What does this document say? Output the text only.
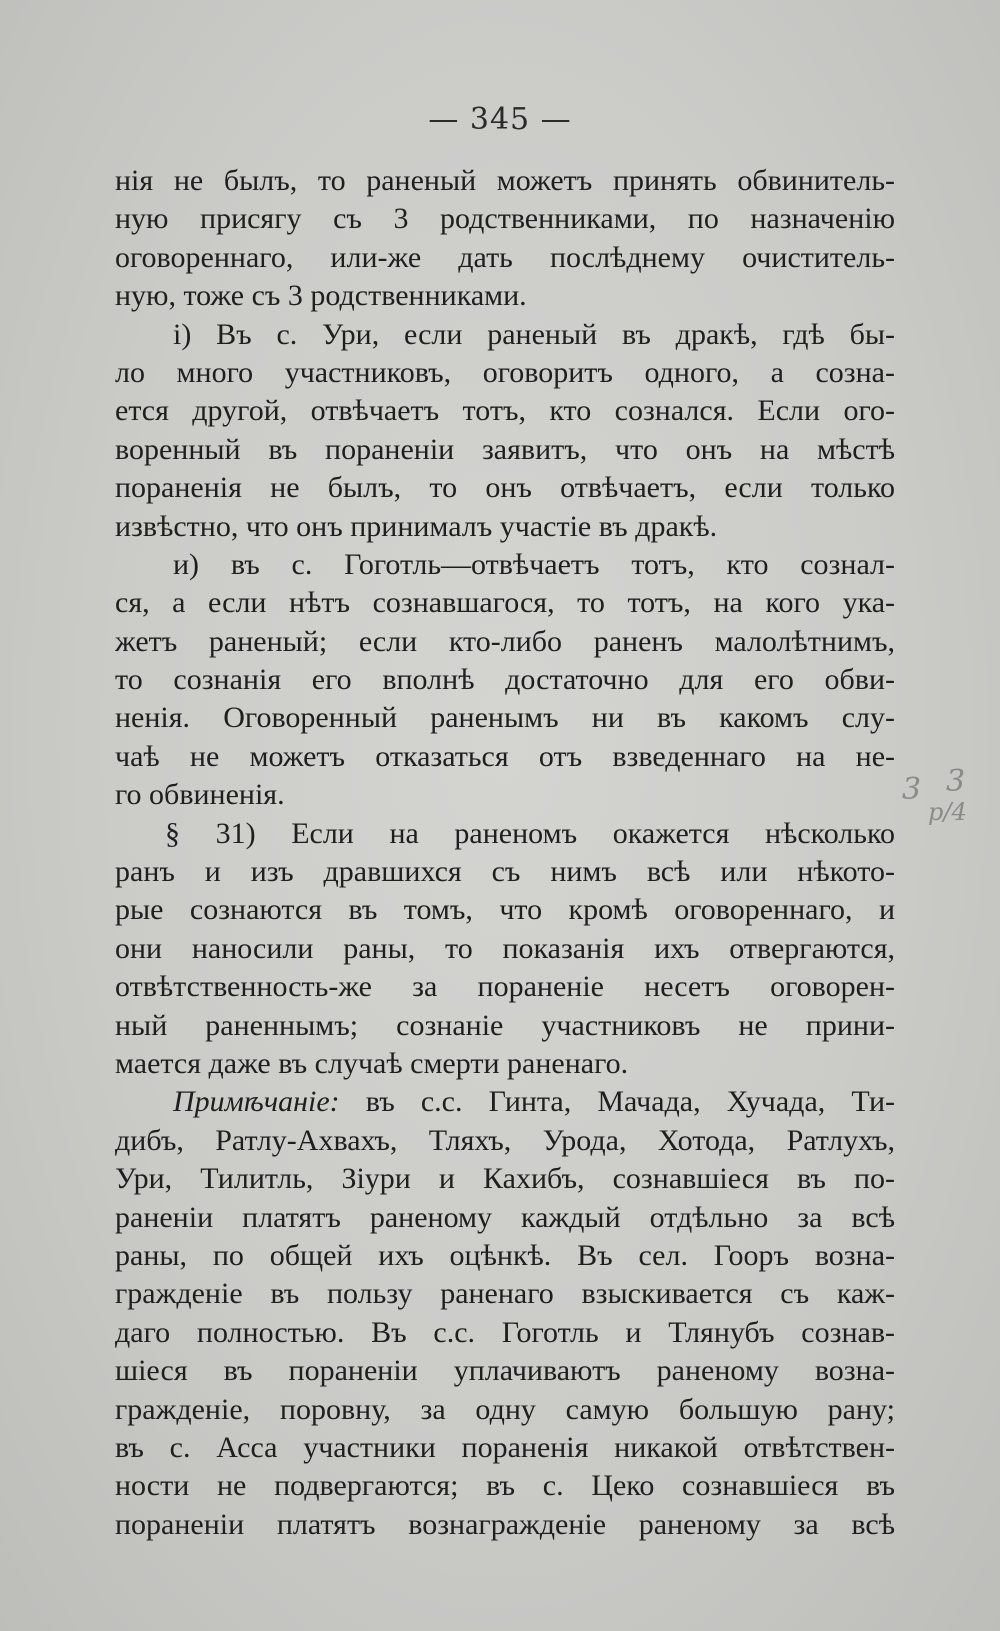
— 345 —
нія не былъ, то раненый можетъ принять обвинитель-
ную присягу съ 3 родственниками, по назначенію
оговореннаго, или-же дать послѣднему очиститель-
ную, тоже съ 3 родственниками.
і) Въ с. Ури, если раненый въ дракѣ, гдѣ бы-
ло много участниковъ, оговоритъ одного, а созна-
ется другой, отвѣчаетъ тотъ, кто сознался. Если ого-
воренный въ пораненіи заявитъ, что онъ на мѣстѣ
пораненія не былъ, то онъ отвѣчаетъ, если только
извѣстно, что онъ принималъ участіе въ дракѣ.
и) въ с. Гоготль—отвѣчаетъ тотъ, кто сознал-
ся, а если нѣтъ сознавшагося, то тотъ, на кого ука-
жетъ раненый; если кто-либо раненъ малолѣтнимъ,
то сознанія его вполнѣ достаточно для его обви-
ненія. Оговоренный раненымъ ни въ какомъ слу-
чаѣ не можетъ отказаться отъ взведеннаго на не-
го обвиненія.
§ 31) Если на раненомъ окажется нѣсколько
ранъ и изъ дравшихся съ нимъ всѣ или нѣкото-
рые сознаются въ томъ, что кромѣ оговореннаго, и
они наносили раны, то показанія ихъ отвергаются,
отвѣтственность-же за пораненіе несетъ оговорен-
ный раненнымъ; сознаніе участниковъ не прини-
мается даже въ случаѣ смерти раненаго.
Примѣчаніе: въ с.с. Гинта, Мачада, Хучада, Ти-
дибъ, Ратлу-Ахвахъ, Тляхъ, Урода, Хотода, Ратлухъ,
Ури, Тилитль, Зіури и Кахибъ, сознавшіеся въ по-
раненіи платятъ раненому каждый отдѣльно за всѣ
раны, по общей ихъ оцѣнкѣ. Въ сел. Гооръ возна-
гражденіе въ пользу раненаго взыскивается съ каж-
даго полностью. Въ с.с. Гоготль и Тлянубъ сознав-
шіеся въ пораненіи уплачиваютъ раненому возна-
гражденіе, поровну, за одну самую большую рану;
въ с. Асса участники пораненія никакой отвѣтствен-
ности не подвергаются; въ с. Цеко сознавшіеся въ
пораненіи платятъ вознагражденіе раненому за всѣ
3 3
р/4
